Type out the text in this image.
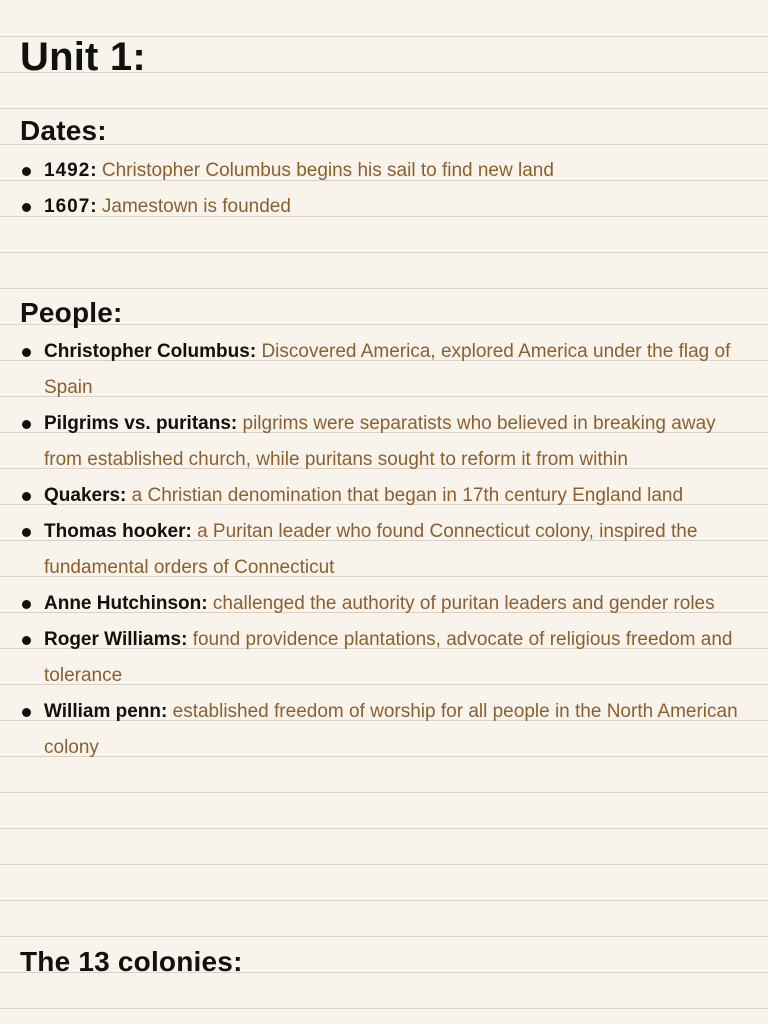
Unit 1:
Dates:
1492: Christopher Columbus begins his sail to find new land
1607: Jamestown is founded
People:
Christopher Columbus: Discovered America, explored America under the flag of Spain
Pilgrims vs. puritans: pilgrims were separatists who believed in breaking away from established church, while puritans sought to reform it from within
Quakers: a Christian denomination that began in 17th century England land
Thomas hooker: a Puritan leader who found Connecticut colony, inspired the fundamental orders of Connecticut
Anne Hutchinson: challenged the authority of puritan leaders and gender roles
Roger Williams: found providence plantations, advocate of religious freedom and tolerance
William penn: established freedom of worship for all people in the North American colony
The 13 colonies:
